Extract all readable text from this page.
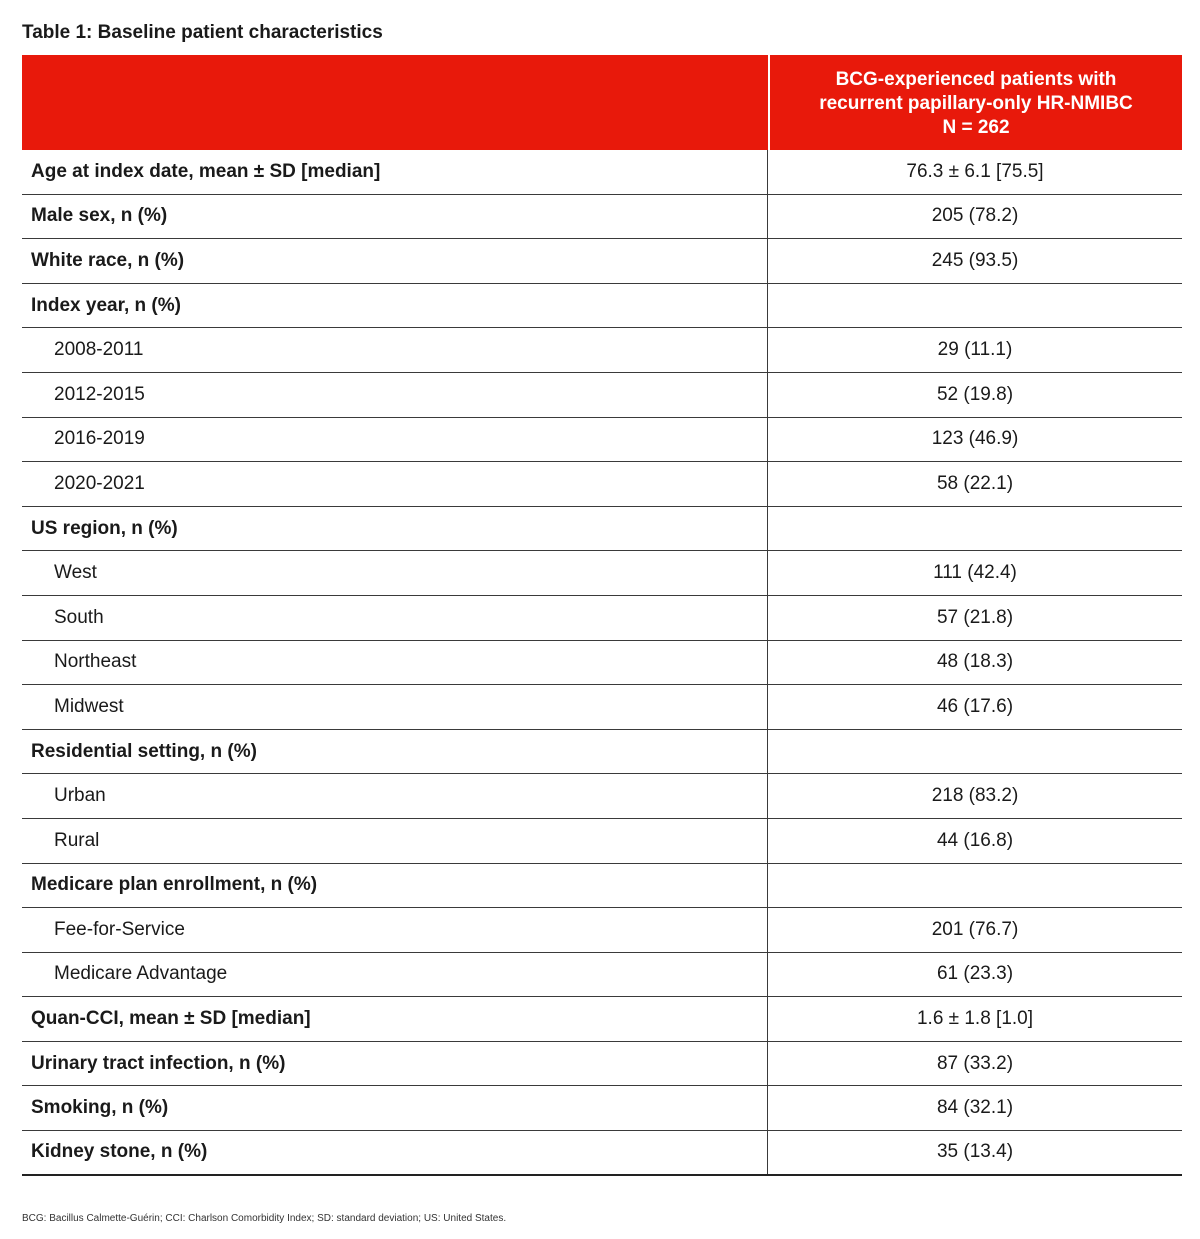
Table 1: Baseline patient characteristics
BCG-experienced patients with
recurrent papillary-only HR-NMIBC
N = 262
Age at index date, mean ± SD [median]	76.3 ± 6.1 [75.5]
Male sex, n (%)	205 (78.2)
White race, n (%)	245 (93.5)
Index year, n (%)
2008-2011	29 (11.1)
2012-2015	52 (19.8)
2016-2019	123 (46.9)
2020-2021	58 (22.1)
US region, n (%)
West	111 (42.4)
South	57 (21.8)
Northeast	48 (18.3)
Midwest	46 (17.6)
Residential setting, n (%)
Urban	218 (83.2)
Rural	44 (16.8)
Medicare plan enrollment, n (%)
Fee-for-Service	201 (76.7)
Medicare Advantage	61 (23.3)
Quan-CCI, mean ± SD [median]	1.6 ± 1.8 [1.0]
Urinary tract infection, n (%)	87 (33.2)
Smoking, n (%)	84 (32.1)
Kidney stone, n (%)	35 (13.4)
BCG: Bacillus Calmette-Guérin; CCI: Charlson Comorbidity Index; SD: standard deviation; US: United States.
